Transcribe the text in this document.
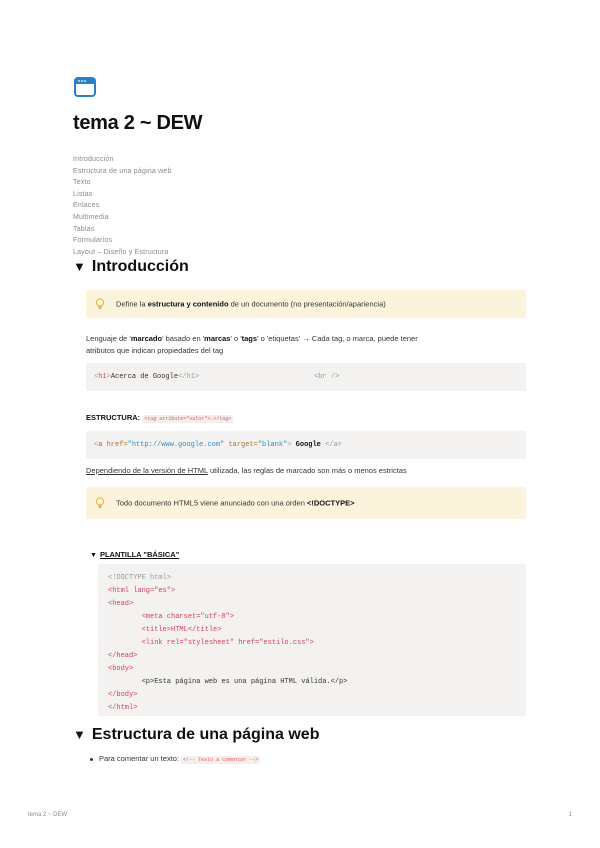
tema 2 ~ DEW
Introducción
Estructura de una página web
Texto
Listas
Enlaces
Multimedia
Tablas
Formularios
Layout – Diseño y Estructura
▼ Introducción
Define la estructura y contenido de un documento (no presentación/apariencia)
Lenguaje de 'marcado' basado en 'marcas' o 'tags' o 'etiquetas' → Cada tag, o marca, puede tener
atributos que indican propiedades del tag
<h1>Acerca de Google</h1>	<br />
ESTRUCTURA: <tag atribute="valor">…</tag>
<a href="http://www.google.com" target="blank"> Google </a>
Dependiendo de la versión de HTML utilizada, las reglas de marcado son más o menos estrictas
Todo documento HTML5 viene anunciado con una orden <!DOCTYPE>
▼ PLANTILLA "BÁSICA"
<!DOCTYPE html>
<html lang="es">
<head>
<meta charset="utf-8">
<title>HTML</title>
<link rel="stylesheet" href="estilo.css">
</head>
<body>
<p>Esta página web es una página HTML válida.</p>
</body>
</html>
▼ Estructura de una página web
Para comentar un texto: <!-- Texto a comentar -->
tema 2 ~ DEW	1
